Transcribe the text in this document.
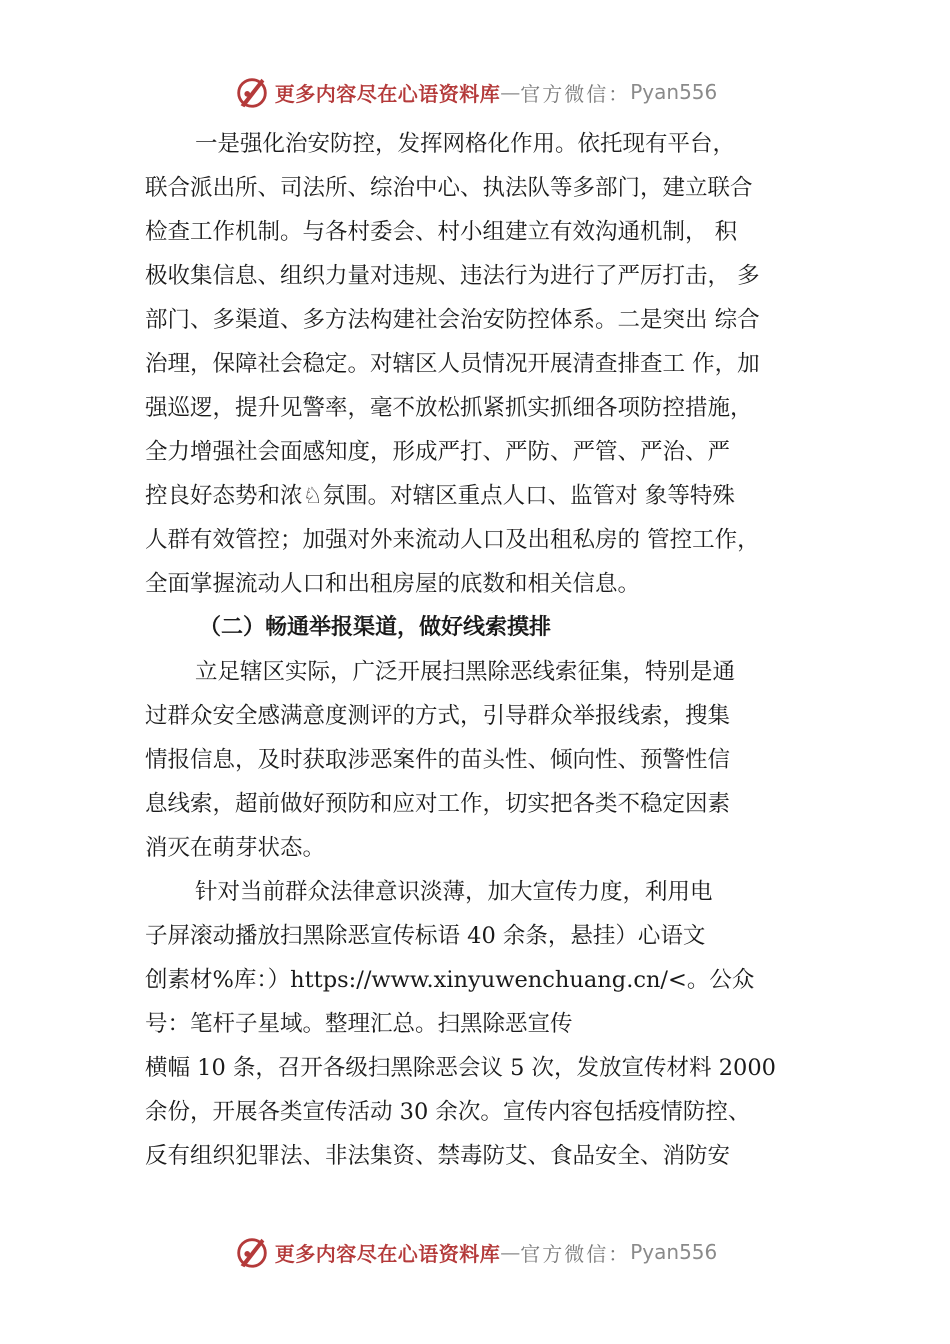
更多内容尽在心语资料库 — 官方微信： Pyan556
一是强化治安防控，发挥网格化作用。依托现有平台，
联合派出所、司法所、综治中心、执法队等多部门，建立联合
检查工作机制。与各村委会、村小组建立有效沟通机制， 积
极收集信息、组织力量对违规、违法行为进行了严厉打击， 多
部门、多渠道、多方法构建社会治安防控体系。二是突出 综合
治理，保障社会稳定。对辖区人员情况开展清查排查工 作，加
强巡逻，提升见警率，毫不放松抓紧抓实抓细各项防控措施，
全力增强社会面感知度，形成严打、严防、严管、严治、严
控良好态势和浓♘氛围。对辖区重点人口、监管对 象等特殊
人群有效管控；加强对外来流动人口及出租私房的 管控工作，
全面掌握流动人口和出租房屋的底数和相关信息。
（二）畅通举报渠道，做好线索摸排
立足辖区实际，广泛开展扫黑除恶线索征集，特别是通
过群众安全感满意度测评的方式，引导群众举报线索，搜集
情报信息，及时获取涉恶案件的苗头性、倾向性、预警性信
息线索，超前做好预防和应对工作，切实把各类不稳定因素
消灭在萌芽状态。
针对当前群众法律意识淡薄，加大宣传力度，利用电
子屏滚动播放扫黑除恶宣传标语 40 余条，悬挂）心语文
创素材%库：）https://www.xinyuwenchuang.cn/<。公众
号：笔杆子星域。整理汇总。扫黑除恶宣传
横幅 10 条，召开各级扫黑除恶会议 5 次，发放宣传材料 2000
余份，开展各类宣传活动 30 余次。宣传内容包括疫情防控、
反有组织犯罪法、非法集资、禁毒防艾、食品安全、消防安
更多内容尽在心语资料库 — 官方微信： Pyan556
